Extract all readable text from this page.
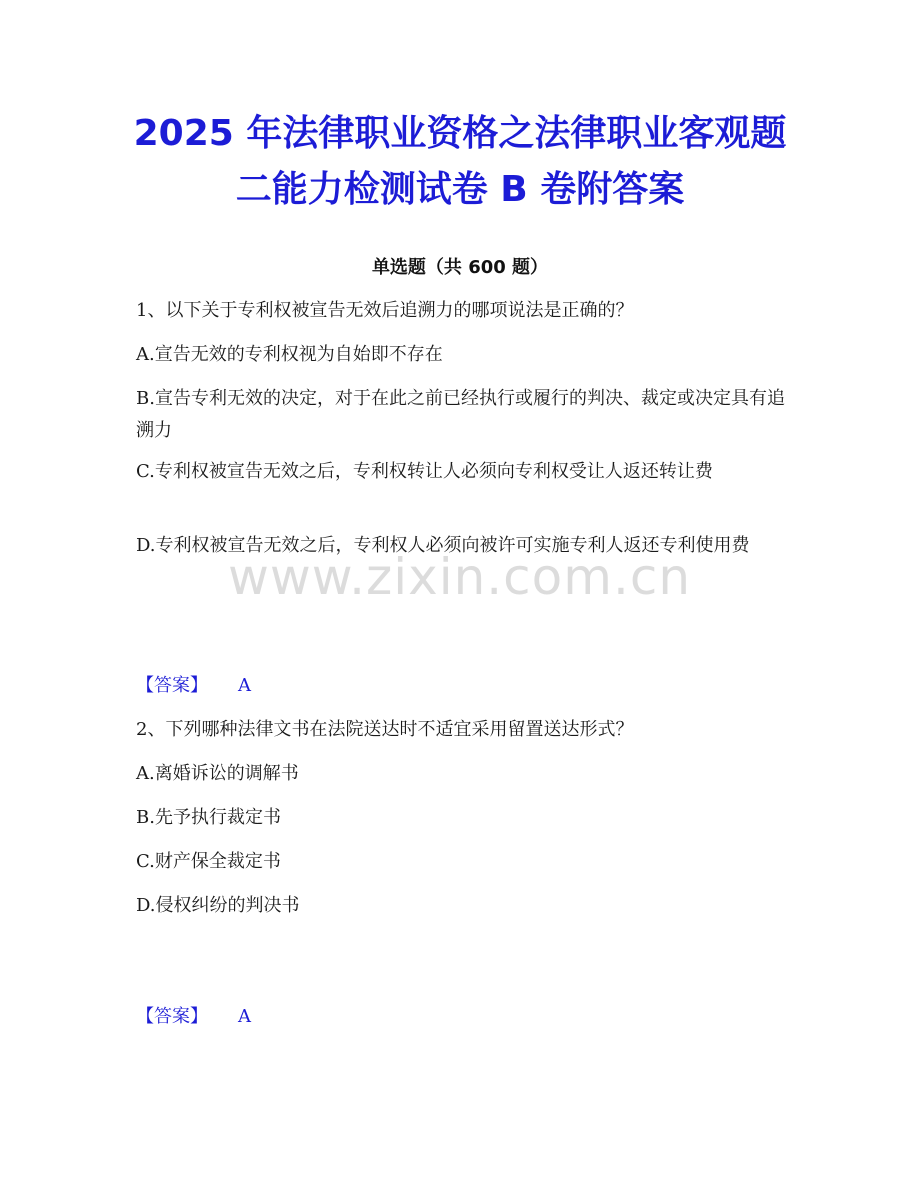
2025 年法律职业资格之法律职业客观题
二能力检测试卷 B 卷附答案
单选题（共 600 题）
1、以下关于专利权被宣告无效后追溯力的哪项说法是正确的？
A.宣告无效的专利权视为自始即不存在
B.宣告专利无效的决定，对于在此之前已经执行或履行的判决、裁定或决定具有追溯力
C.专利权被宣告无效之后，专利权转让人必须向专利权受让人返还转让费
D.专利权被宣告无效之后，专利权人必须向被许可实施专利人返还专利使用费
www.zixin.com.cn
【答案】 A
2、下列哪种法律文书在法院送达时不适宜采用留置送达形式？
A.离婚诉讼的调解书
B.先予执行裁定书
C.财产保全裁定书
D.侵权纠纷的判决书
【答案】 A
